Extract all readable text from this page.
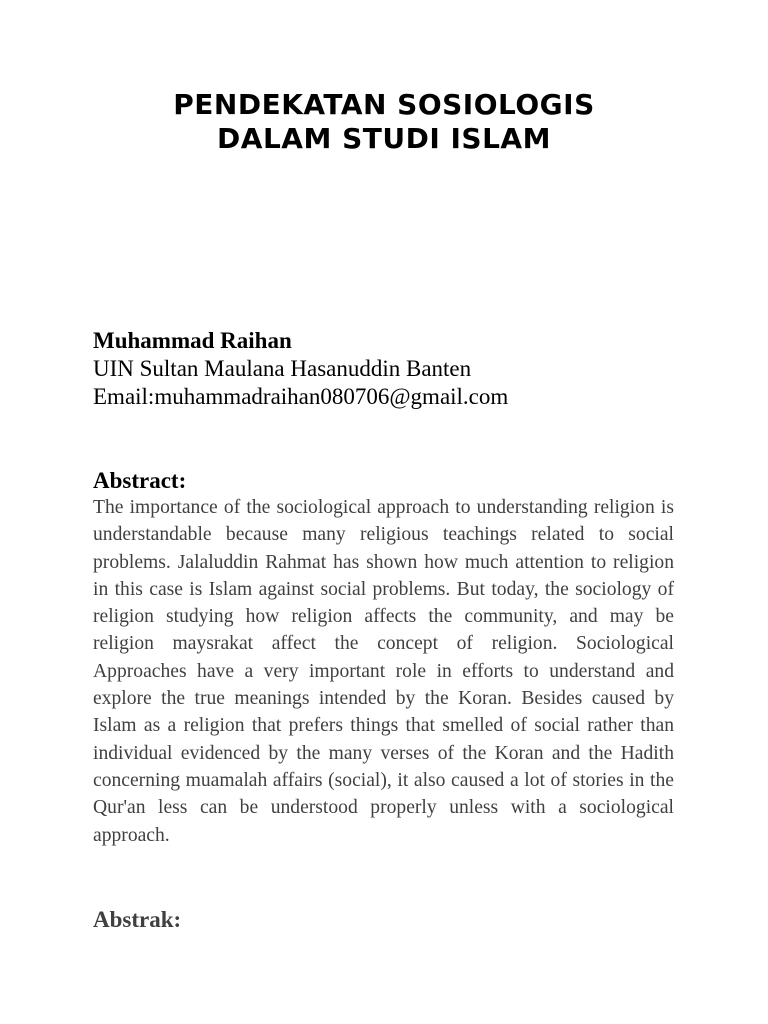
PENDEKATAN SOSIOLOGIS
DALAM STUDI ISLAM
Muhammad Raihan
UIN Sultan Maulana Hasanuddin Banten
Email:muhammadraihan080706@gmail.com
Abstract:
The importance of the sociological approach to understanding religion is understandable because many religious teachings related to social problems. Jalaluddin Rahmat has shown how much attention to religion in this case is Islam against social problems. But today, the sociology of religion studying how religion affects the community, and may be religion maysrakat affect the concept of religion. Sociological Approaches have a very important role in efforts to understand and explore the true meanings intended by the Koran. Besides caused by Islam as a religion that prefers things that smelled of social rather than individual evidenced by the many verses of the Koran and the Hadith concerning muamalah affairs (social), it also caused a lot of stories in the Qur'an less can be understood properly unless with a sociological approach.
Abstrak:
